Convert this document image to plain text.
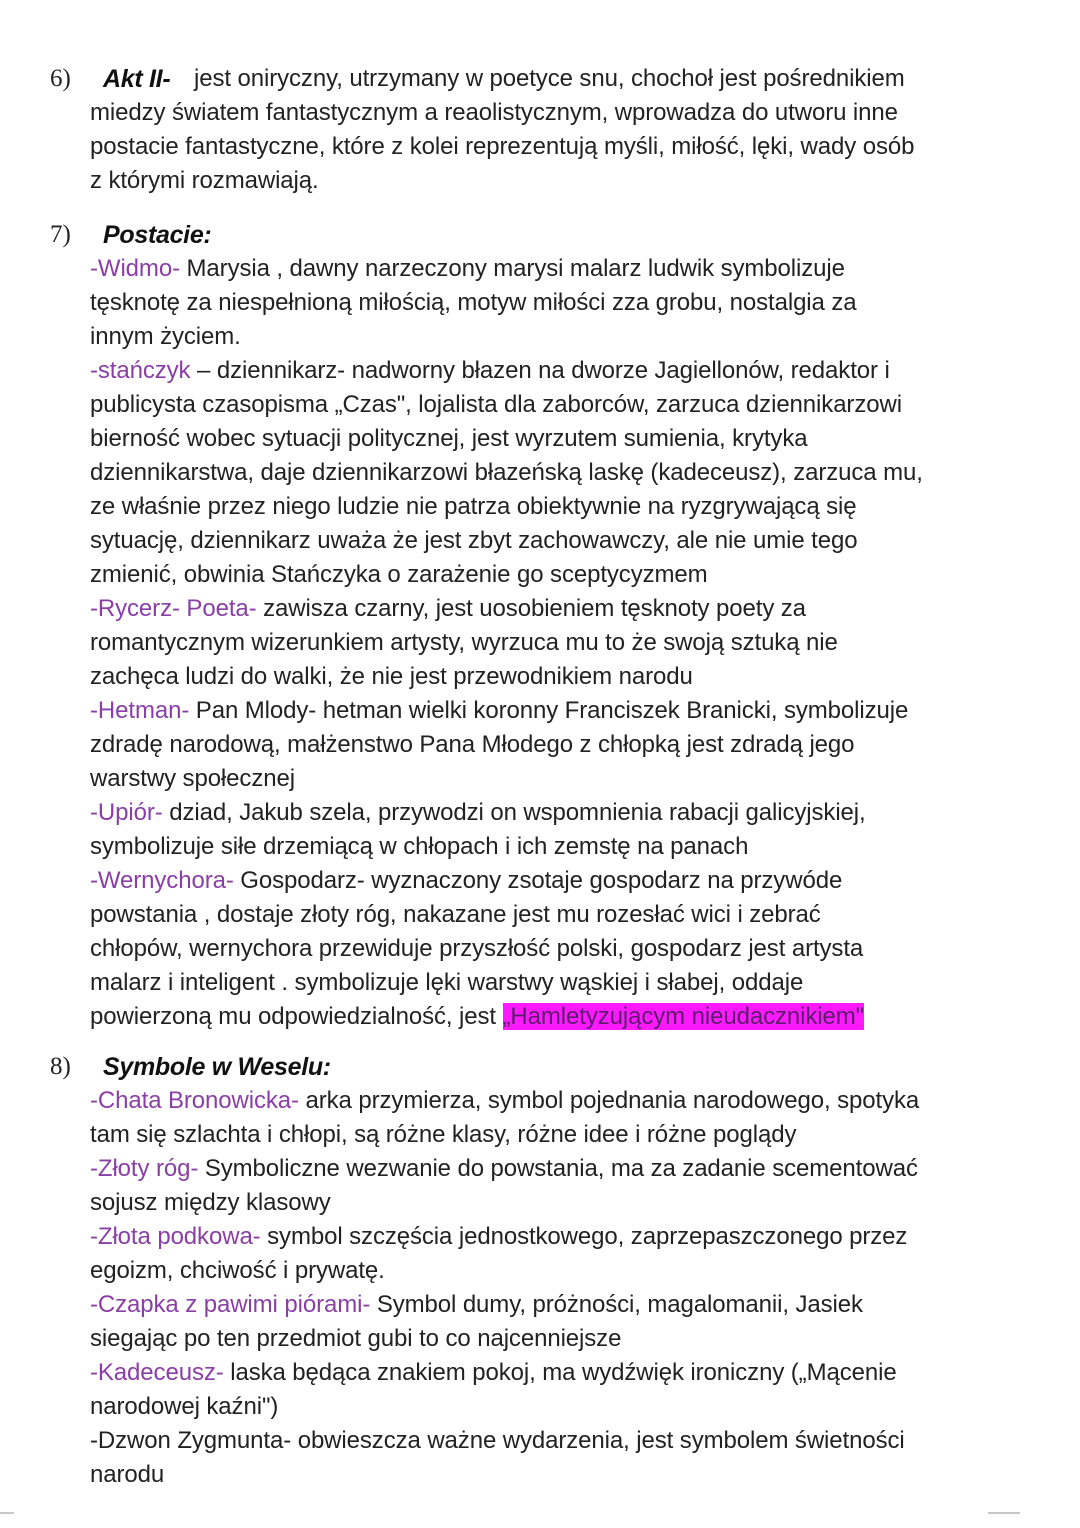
6) Akt II- jest oniryczny, utrzymany w poetyce snu, chochoł jest pośrednikiem
miedzy światem fantastycznym a reaolistycznym, wprowadza do utworu inne
postacie fantastyczne, które z kolei reprezentują myśli, miłość, lęki, wady osób
z którymi rozmawiają.
7) Postacie:
-Widmo- Marysia , dawny narzeczony marysi malarz ludwik symbolizuje
tęsknotę za niespełnioną miłością, motyw miłości zza grobu, nostalgia za
innym życiem.
-stańczyk – dziennikarz- nadworny błazen na dworze Jagiellonów, redaktor i
publicysta czasopisma „Czas", lojalista dla zaborców, zarzuca dziennikarzowi
bierność wobec sytuacji politycznej, jest wyrzutem sumienia, krytyka
dziennikarstwa, daje dziennikarzowi błazeńską laskę (kadeceusz), zarzuca mu,
ze właśnie przez niego ludzie nie patrza obiektywnie na ryzgrywającą się
sytuację, dziennikarz uważa że jest zbyt zachowawczy, ale nie umie tego
zmienić, obwinia Stańczyka o zarażenie go sceptycyzmem
-Rycerz- Poeta- zawisza czarny, jest uosobieniem tęsknoty poety za
romantycznym wizerunkiem artysty, wyrzuca mu to że swoją sztuką nie
zachęca ludzi do walki, że nie jest przewodnikiem narodu
-Hetman- Pan Mlody- hetman wielki koronny Franciszek Branicki, symbolizuje
zdradę narodową, małżenstwo Pana Młodego z chłopką jest zdradą jego
warstwy społecznej
-Upiór- dziad, Jakub szela, przywodzi on wspomnienia rabacji galicyjskiej,
symbolizuje siłe drzemiącą w chłopach i ich zemstę na panach
-Wernychora- Gospodarz- wyznaczony zsotaje gospodarz na przywóde
powstania , dostaje złoty róg, nakazane jest mu rozesłać wici i zebrać
chłopów, wernychora przewiduje przyszłość polski, gospodarz jest artysta
malarz i inteligent . symbolizuje lęki warstwy wąskiej i słabej, oddaje
powierzoną mu odpowiedzialność, jest „Hamletyzującym nieudacznikiem"
8) Symbole w Weselu:
-Chata Bronowicka- arka przymierza, symbol pojednania narodowego, spotyka
tam się szlachta i chłopi, są różne klasy, różne idee i różne poglądy
-Złoty róg- Symboliczne wezwanie do powstania, ma za zadanie scementować
sojusz między klasowy
-Złota podkowa- symbol szczęścia jednostkowego, zaprzepaszczonego przez
egoizm, chciwość i prywatę.
-Czapka z pawimi piórami- Symbol dumy, próżności, magalomanii, Jasiek
siegając po ten przedmiot gubi to co najcenniejsze
-Kadeceusz- laska będąca znakiem pokoj, ma wydźwięk ironiczny („Mącenie
narodowej kaźni")
-Dzwon Zygmunta- obwieszcza ważne wydarzenia, jest symbolem świetności
narodu
